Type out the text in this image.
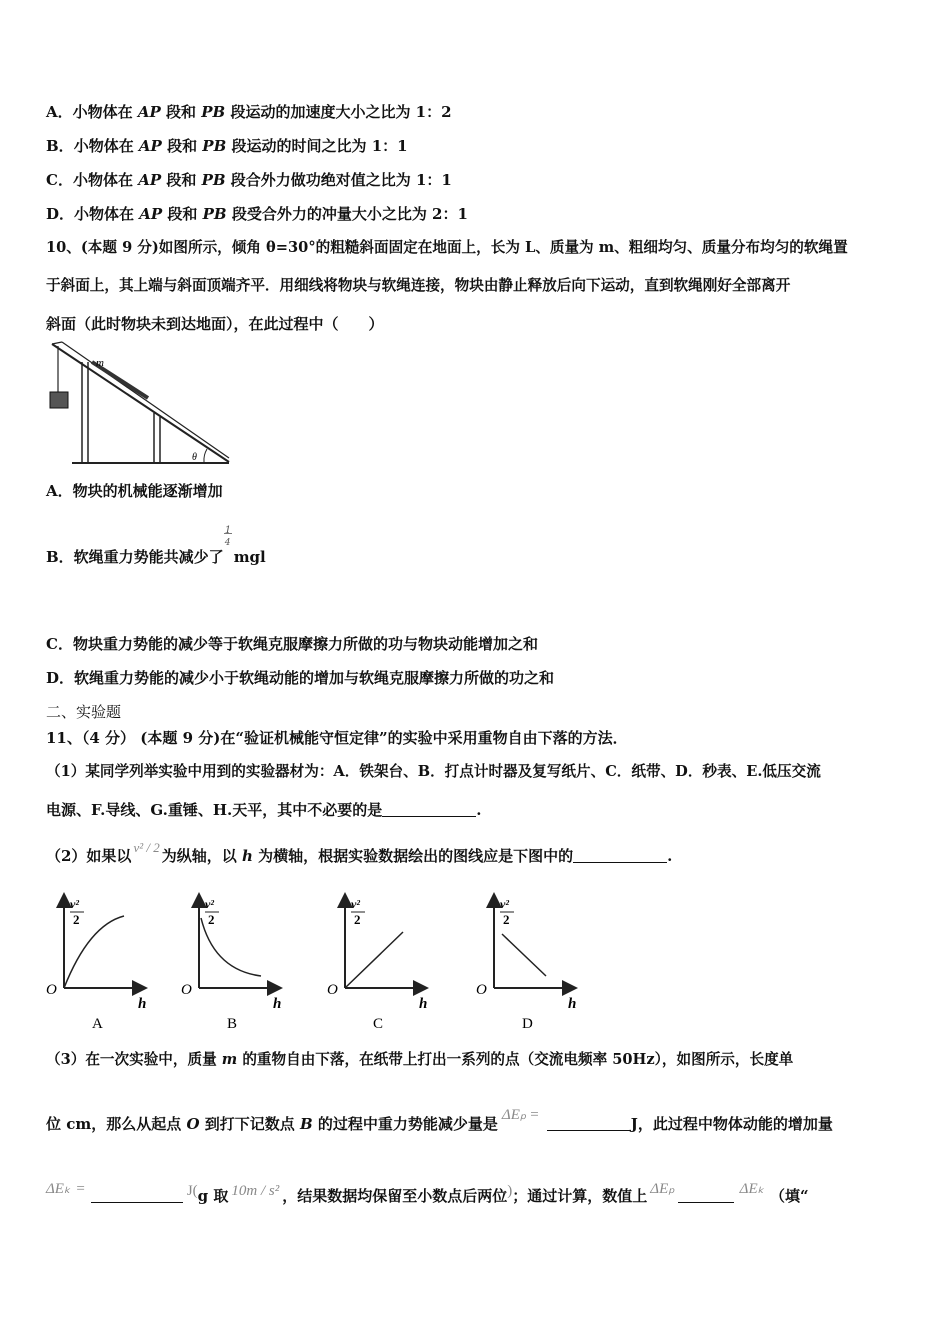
A．小物体在 AP 段和 PB 段运动的加速度大小之比为 1：2
B．小物体在 AP 段和 PB 段运动的时间之比为 1：1
C．小物体在 AP 段和 PB 段合外力做功绝对值之比为 1：1
D．小物体在 AP 段和 PB 段受合外力的冲量大小之比为 2：1
10、(本题 9 分)如图所示，倾角 θ=30°的粗糙斜面固定在地面上，长为 L、质量为 m、粗细均匀、质量分布均匀的软绳置
于斜面上，其上端与斜面顶端齐平．用细线将物块与软绳连接，物块由静止释放后向下运动，直到软绳刚好全部离开
斜面（此时物块未到达地面），在此过程中（　　）
m
θ
A．物块的机械能逐渐增加
B．软绳重力势能共减少了
1
4
mgl
C．物块重力势能的减少等于软绳克服摩擦力所做的功与物块动能增加之和
D．软绳重力势能的减少小于软绳动能的增加与软绳克服摩擦力所做的功之和
二、实验题
11、（4 分） (本题 9 分)在“验证机械能守恒定律”的实验中采用重物自由下落的方法．
（1）某同学列举实验中用到的实验器材为：A．铁架台、B．打点计时器及复写纸片、C．纸带、D．秒表、E.低压交流
电源、F.导线、G.重锤、H.天平，其中不必要的是	.
（2）如果以 v² / 2 为纵轴，以 h 为横轴，根据实验数据绘出的图线应是下图中的	.
v²
2
O
h
A
v²
2
O
h
B
v²
2
O
h
C
v²
2
O
h
D
（3）在一次实验中，质量 m 的重物自由下落，在纸带上打出一系列的点（交流电频率 50Hz），如图所示，长度单
位 cm，那么从起点 O 到打下记数点 B 的过程中重力势能减少量是 ΔEₚ =	J，此过程中物体动能的增加量
ΔEₖ =	J(g 取 10m / s² ，结果数据均保留至小数点后两位)；通过计算，数值上 ΔEₚ	ΔEₖ （填“
